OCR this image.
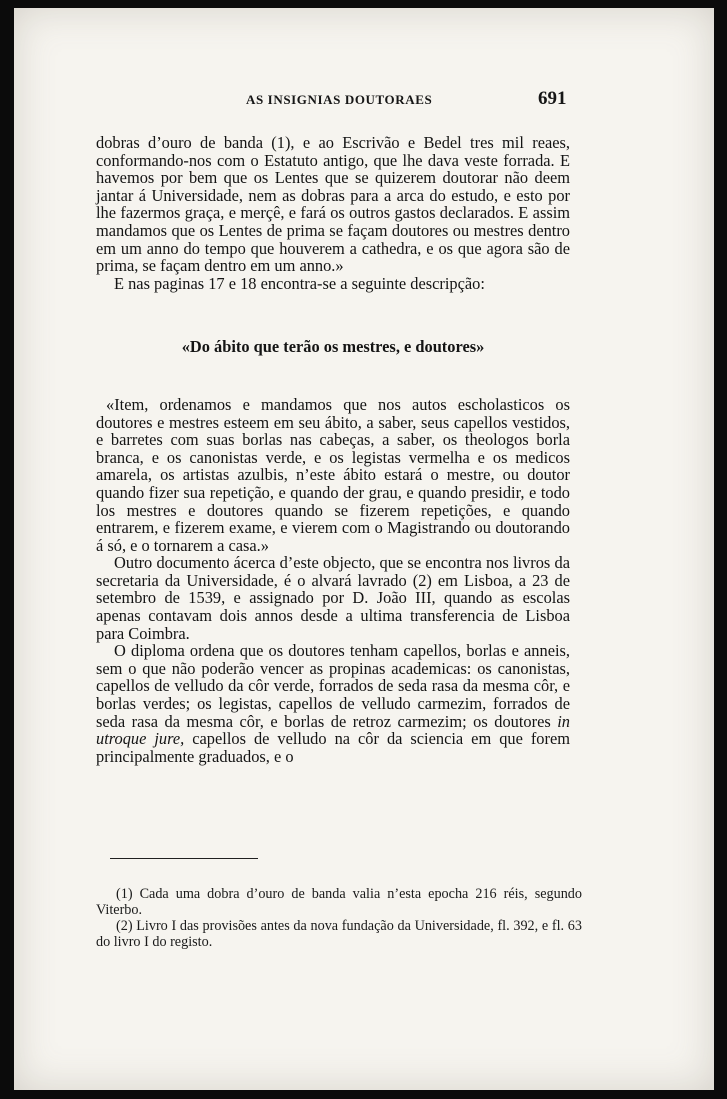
AS INSIGNIAS DOUTORAES	691

dobras d’ouro de banda (1), e ao Escrivão e Bedel tres mil reaes, conformando-nos com o Estatuto antigo, que lhe dava veste forrada. E havemos por bem que os Lentes que se quizerem doutorar não deem jantar á Universidade, nem as dobras para a arca do estudo, e esto por lhe fazermos graça, e merçê, e fará os outros gastos declarados. E assim mandamos que os Lentes de prima se façam doutores ou mestres dentro em um anno do tempo que houverem a cathedra, e os que agora são de prima, se façam dentro em um anno.»

E nas paginas 17 e 18 encontra-se a seguinte descripção:

«Do ábito que terão os mestres, e doutores»

«Item, ordenamos e mandamos que nos autos escholasticos os doutores e mestres esteem em seu ábito, a saber, seus capellos vestidos, e barretes com suas borlas nas cabeças, a saber, os theologos borla branca, e os canonistas verde, e os legistas vermelha e os medicos amarela, os artistas azulbis, n’este ábito estará o mestre, ou doutor quando fizer sua repetição, e quando der grau, e quando presidir, e todo los mestres e doutores quando se fizerem repetições, e quando entrarem, e fizerem exame, e vierem com o Magistrando ou doutorando á só, e o tornarem a casa.»

Outro documento ácerca d’este objecto, que se encontra nos livros da secretaria da Universidade, é o alvará lavrado (2) em Lisboa, a 23 de setembro de 1539, e assignado por D. João III, quando as escolas apenas contavam dois annos desde a ultima transferencia de Lisboa para Coimbra.

O diploma ordena que os doutores tenham capellos, borlas e anneis, sem o que não poderão vencer as propinas academicas: os canonistas, capellos de velludo da côr verde, forrados de seda rasa da mesma côr, e borlas verdes; os legistas, capellos de velludo carmezim, forrados de seda rasa da mesma côr, e borlas de retroz carmezim; os doutores in utroque jure, capellos de velludo na côr da sciencia em que forem principalmente graduados, e o

(1) Cada uma dobra d’ouro de banda valia n’esta epocha 216 réis, segundo Viterbo.

(2) Livro I das provisões antes da nova fundação da Universidade, fl. 392, e fl. 63 do livro I do registo.
